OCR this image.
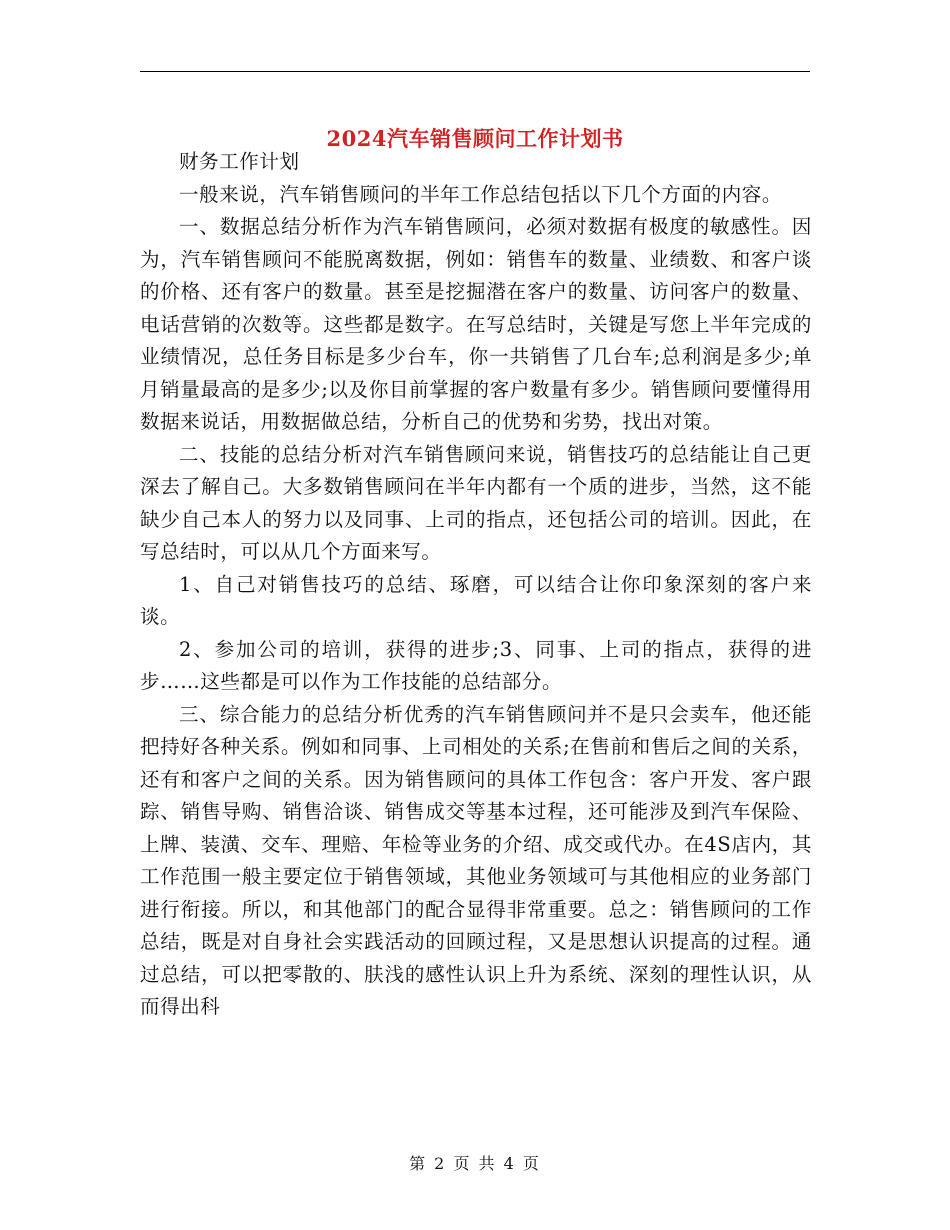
2024汽车销售顾问工作计划书

财务工作计划

一般来说，汽车销售顾问的半年工作总结包括以下几个方面的内容。

一、数据总结分析作为汽车销售顾问，必须对数据有极度的敏感性。因为，汽车销售顾问不能脱离数据，例如：销售车的数量、业绩数、和客户谈的价格、还有客户的数量。甚至是挖掘潜在客户的数量、访问客户的数量、电话营销的次数等。这些都是数字。在写总结时，关键是写您上半年完成的业绩情况，总任务目标是多少台车，你一共销售了几台车;总利润是多少;单月销量最高的是多少;以及你目前掌握的客户数量有多少。销售顾问要懂得用数据来说话，用数据做总结，分析自己的优势和劣势，找出对策。

二、技能的总结分析对汽车销售顾问来说，销售技巧的总结能让自己更深去了解自己。大多数销售顾问在半年内都有一个质的进步，当然，这不能缺少自己本人的努力以及同事、上司的指点，还包括公司的培训。因此，在写总结时，可以从几个方面来写。

1、自己对销售技巧的总结、琢磨，可以结合让你印象深刻的客户来谈。

2、参加公司的培训，获得的进步;3、同事、上司的指点，获得的进步……这些都是可以作为工作技能的总结部分。

三、综合能力的总结分析优秀的汽车销售顾问并不是只会卖车，他还能把持好各种关系。例如和同事、上司相处的关系;在售前和售后之间的关系，还有和客户之间的关系。因为销售顾问的具体工作包含：客户开发、客户跟踪、销售导购、销售洽谈、销售成交等基本过程，还可能涉及到汽车保险、上牌、装潢、交车、理赔、年检等业务的介绍、成交或代办。在4S店内，其工作范围一般主要定位于销售领域，其他业务领域可与其他相应的业务部门进行衔接。所以，和其他部门的配合显得非常重要。总之：销售顾问的工作总结，既是对自身社会实践活动的回顾过程，又是思想认识提高的过程。通过总结，可以把零散的、肤浅的感性认识上升为系统、深刻的理性认识，从而得出科

第 2 页 共 4 页
